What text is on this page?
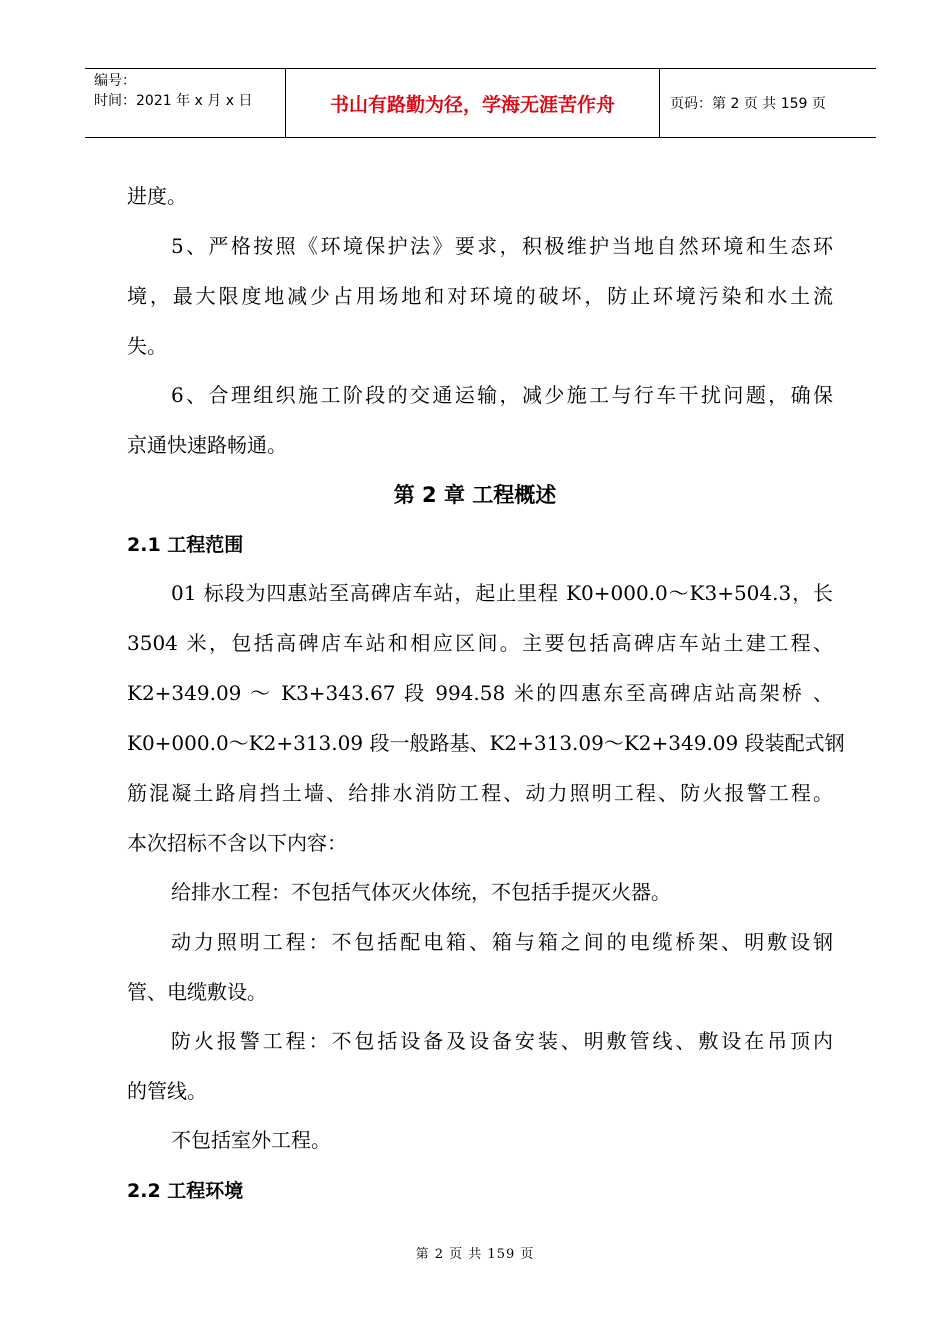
编号：
时间：2021 年 x 月 x 日	书山有路勤为径，学海无涯苦作舟	页码：第 2 页 共 159 页
进度。
5、严格按照《环境保护法》要求，积极维护当地自然环境和生态环
境，最大限度地减少占用场地和对环境的破坏，防止环境污染和水土流
失。
6、合理组织施工阶段的交通运输，减少施工与行车干扰问题，确保
京通快速路畅通。
第 2 章 工程概述
2.1 工程范围
01 标段为四惠站至高碑店车站，起止里程 K0+000.0～K3+504.3，长
3504 米，包括高碑店车站和相应区间。主要包括高碑店车站土建工程、
K2+349.09 ～ K3+343.67 段 994.58 米的四惠东至高碑店站高架桥 、
K0+000.0～K2+313.09 段一般路基、K2+313.09～K2+349.09 段装配式钢
筋混凝土路肩挡土墙、给排水消防工程、动力照明工程、防火报警工程。
本次招标不含以下内容：
给排水工程：不包括气体灭火体统，不包括手提灭火器。
动力照明工程：不包括配电箱、箱与箱之间的电缆桥架、明敷设钢
管、电缆敷设。
防火报警工程：不包括设备及设备安装、明敷管线、敷设在吊顶内
的管线。
不包括室外工程。
2.2 工程环境
第 2 页 共 159 页
